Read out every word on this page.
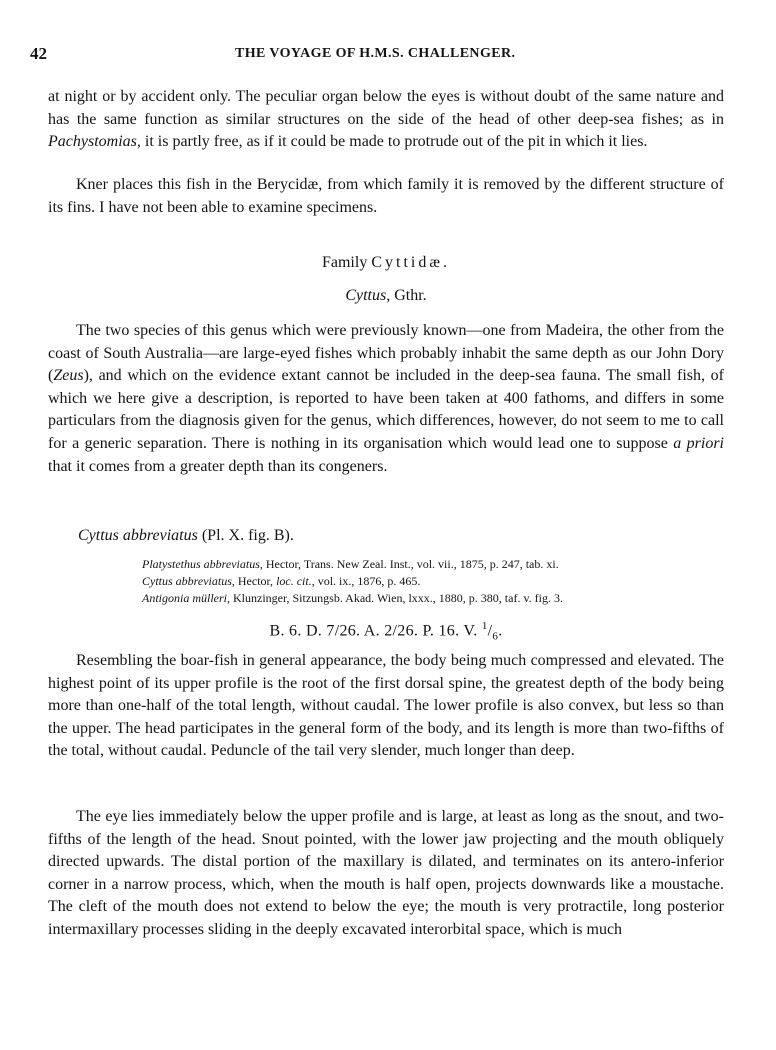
42	THE VOYAGE OF H.M.S. CHALLENGER.

at night or by accident only. The peculiar organ below the eyes is without doubt of the same nature and has the same function as similar structures on the side of the head of other deep-sea fishes; as in Pachystomias, it is partly free, as if it could be made to protrude out of the pit in which it lies.

Kner places this fish in the Berycidæ, from which family it is removed by the different structure of its fins. I have not been able to examine specimens.

Family Cyttidæ.
Cyttus, Gthr.

The two species of this genus which were previously known—one from Madeira, the other from the coast of South Australia—are large-eyed fishes which probably inhabit the same depth as our John Dory (Zeus), and which on the evidence extant cannot be included in the deep-sea fauna. The small fish, of which we here give a description, is reported to have been taken at 400 fathoms, and differs in some particulars from the diagnosis given for the genus, which differences, however, do not seem to me to call for a generic separation. There is nothing in its organisation which would lead one to suppose a priori that it comes from a greater depth than its congeners.

Cyttus abbreviatus (Pl. X. fig. B).
Platystethus abbreviatus, Hector, Trans. New Zeal. Inst., vol. vii., 1875, p. 247, tab. xi.
Cyttus abbreviatus, Hector, loc. cit., vol. ix., 1876, p. 465.
Antigonia mülleri, Klunzinger, Sitzungsb. Akad. Wien, lxxx., 1880, p. 380, taf. v. fig. 3.
B. 6. D. 7/26. A. 2/26. P. 16. V. $^1/_6$.

Resembling the boar-fish in general appearance, the body being much compressed and elevated. The highest point of its upper profile is the root of the first dorsal spine, the greatest depth of the body being more than one-half of the total length, without caudal. The lower profile is also convex, but less so than the upper. The head participates in the general form of the body, and its length is more than two-fifths of the total, without caudal. Peduncle of the tail very slender, much longer than deep.

The eye lies immediately below the upper profile and is large, at least as long as the snout, and two-fifths of the length of the head. Snout pointed, with the lower jaw projecting and the mouth obliquely directed upwards. The distal portion of the maxillary is dilated, and terminates on its antero-inferior corner in a narrow process, which, when the mouth is half open, projects downwards like a moustache. The cleft of the mouth does not extend to below the eye; the mouth is very protractile, long posterior intermaxillary processes sliding in the deeply excavated interorbital space, which is much
